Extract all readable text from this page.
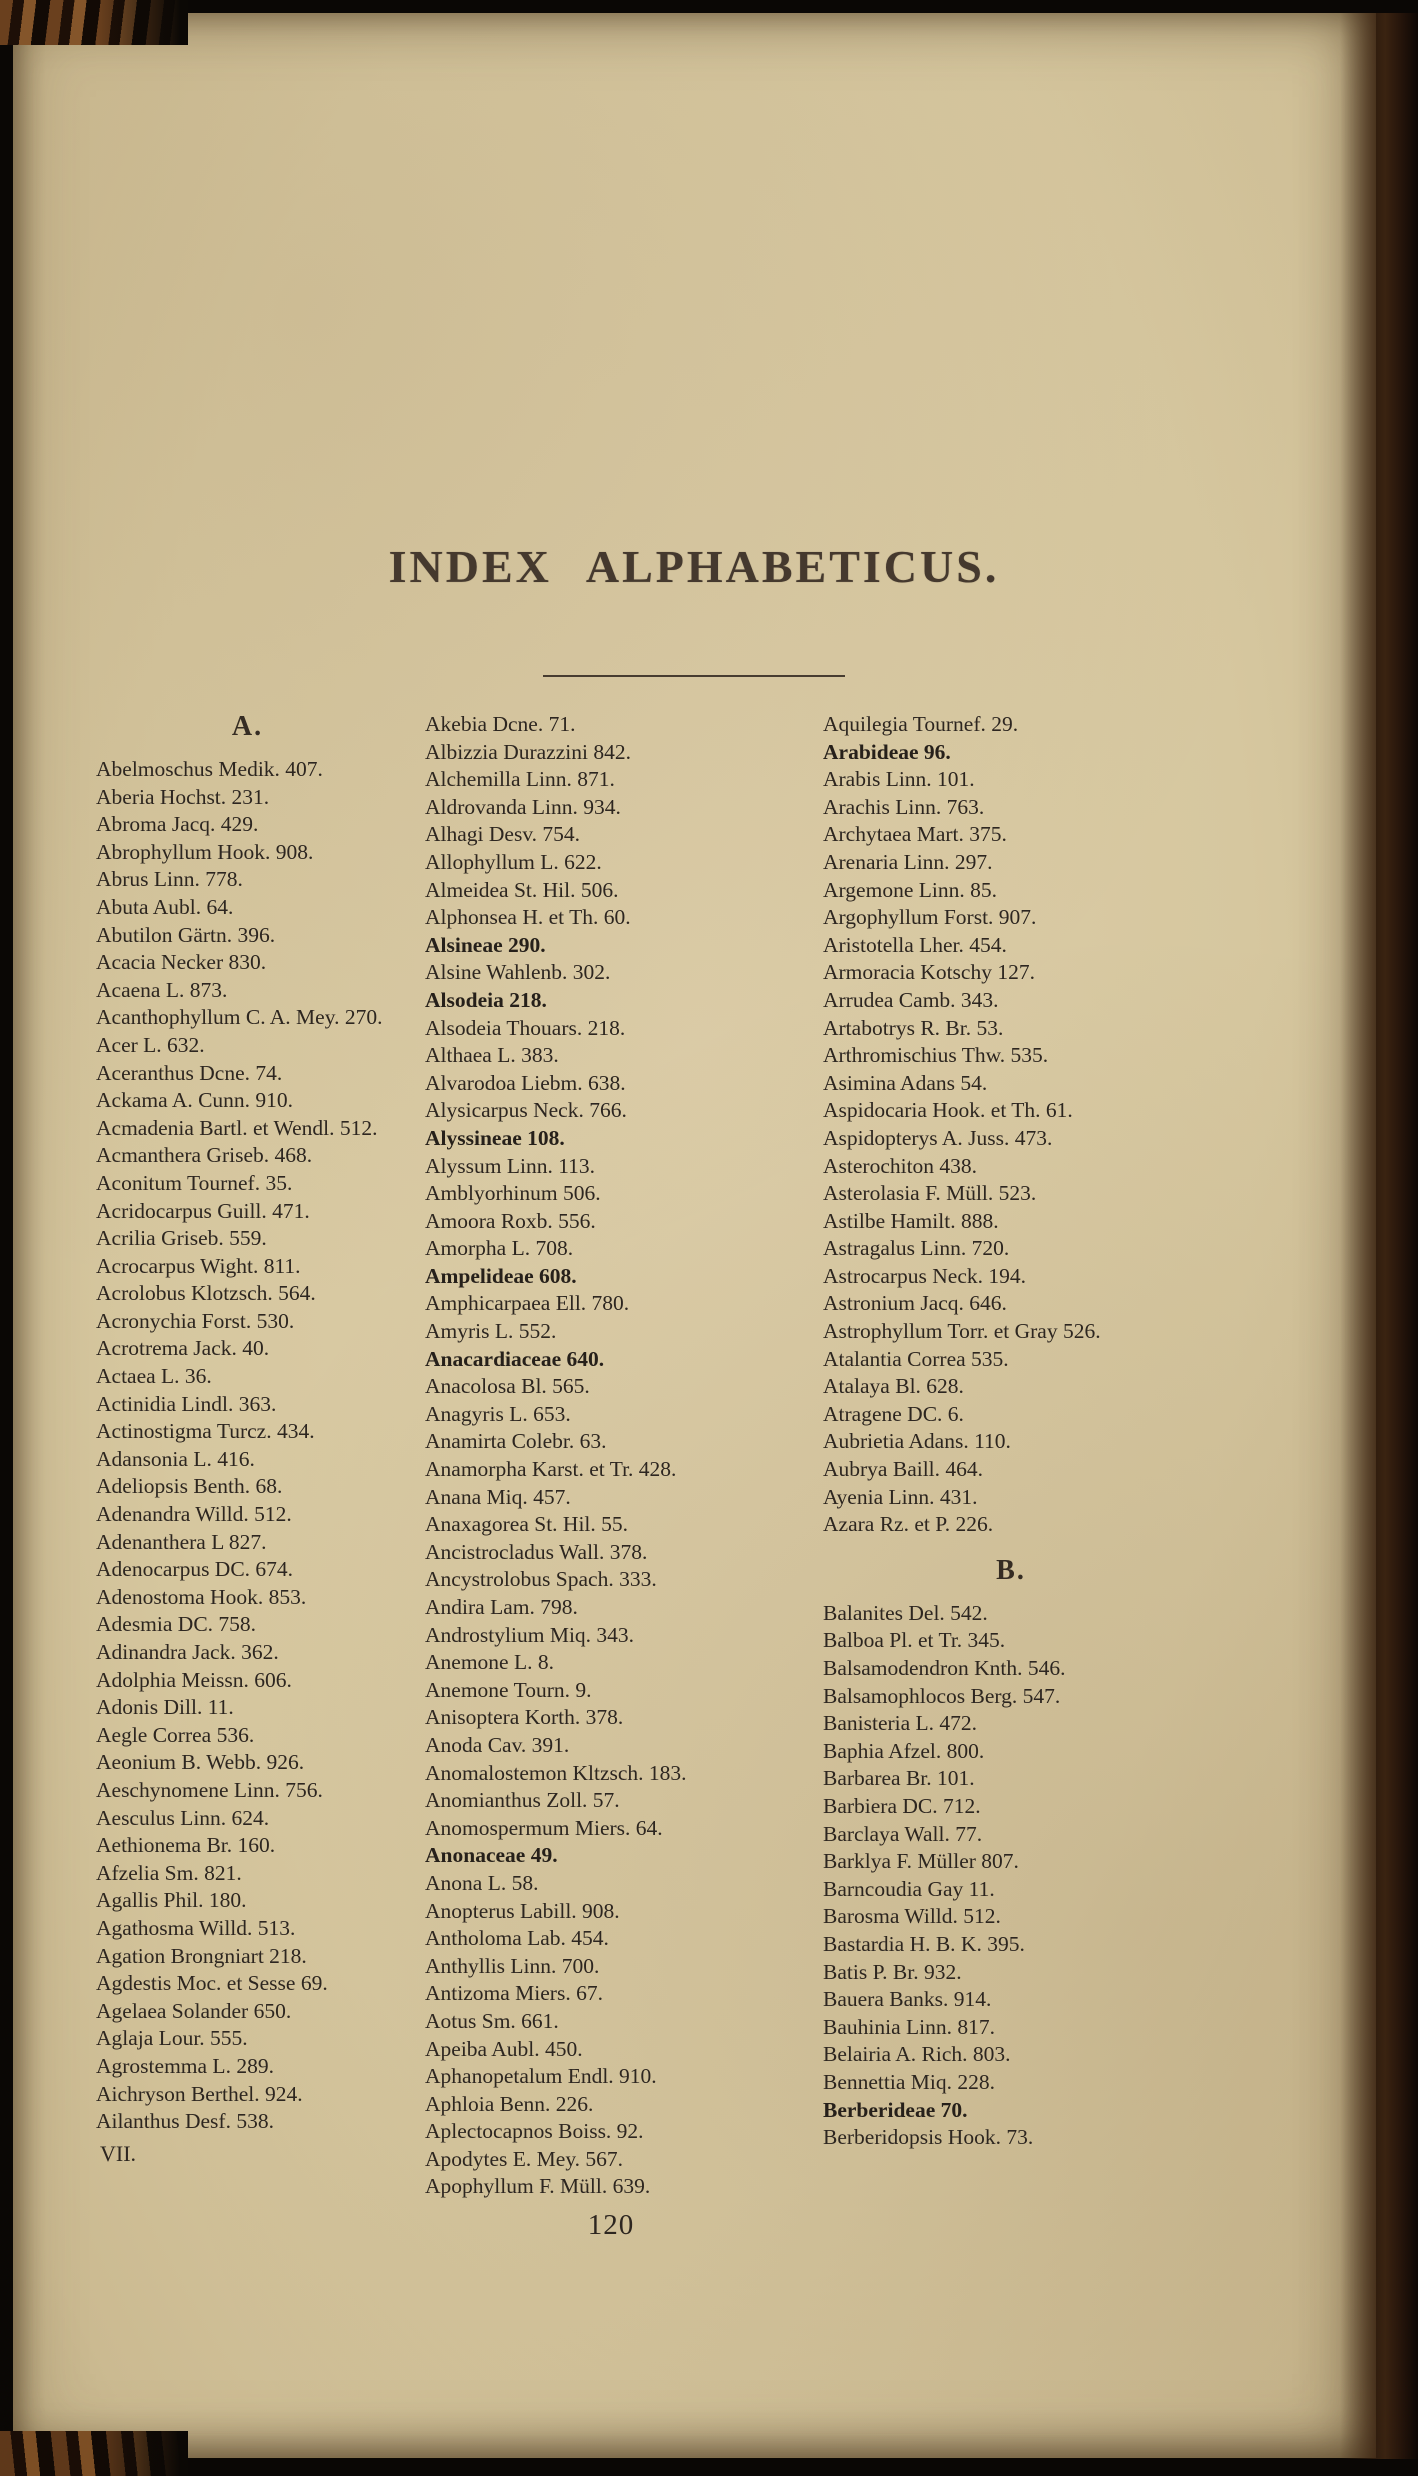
INDEX ALPHABETICUS.
A.
Abelmoschus Medik. 407.
Aberia Hochst. 231.
Abroma Jacq. 429.
Abrophyllum Hook. 908.
Abrus Linn. 778.
Abuta Aubl. 64.
Abutilon Gärtn. 396.
Acacia Necker 830.
Acaena L. 873.
Acanthophyllum C. A. Mey. 270.
Acer L. 632.
Aceranthus Dcne. 74.
Ackama A. Cunn. 910.
Acmadenia Bartl. et Wendl. 512.
Acmanthera Griseb. 468.
Aconitum Tournef. 35.
Acridocarpus Guill. 471.
Acrilia Griseb. 559.
Acrocarpus Wight. 811.
Acrolobus Klotzsch. 564.
Acronychia Forst. 530.
Acrotrema Jack. 40.
Actaea L. 36.
Actinidia Lindl. 363.
Actinostigma Turcz. 434.
Adansonia L. 416.
Adeliopsis Benth. 68.
Adenandra Willd. 512.
Adenanthera L 827.
Adenocarpus DC. 674.
Adenostoma Hook. 853.
Adesmia DC. 758.
Adinandra Jack. 362.
Adolphia Meissn. 606.
Adonis Dill. 11.
Aegle Correa 536.
Aeonium B. Webb. 926.
Aeschynomene Linn. 756.
Aesculus Linn. 624.
Aethionema Br. 160.
Afzelia Sm. 821.
Agallis Phil. 180.
Agathosma Willd. 513.
Agation Brongniart 218.
Agdestis Moc. et Sesse 69.
Agelaea Solander 650.
Aglaja Lour. 555.
Agrostemma L. 289.
Aichryson Berthel. 924.
Ailanthus Desf. 538.
VII.
Akebia Dcne. 71.
Albizzia Durazzini 842.
Alchemilla Linn. 871.
Aldrovanda Linn. 934.
Alhagi Desv. 754.
Allophyllum L. 622.
Almeidea St. Hil. 506.
Alphonsea H. et Th. 60.
Alsineae 290.
Alsine Wahlenb. 302.
Alsodeia 218.
Alsodeia Thouars. 218.
Althaea L. 383.
Alvarodoa Liebm. 638.
Alysicarpus Neck. 766.
Alyssineae 108.
Alyssum Linn. 113.
Amblyorhinum 506.
Amoora Roxb. 556.
Amorpha L. 708.
Ampelideae 608.
Amphicarpaea Ell. 780.
Amyris L. 552.
Anacardiaceae 640.
Anacolosa Bl. 565.
Anagyris L. 653.
Anamirta Colebr. 63.
Anamorpha Karst. et Tr. 428.
Anana Miq. 457.
Anaxagorea St. Hil. 55.
Ancistrocladus Wall. 378.
Ancystrolobus Spach. 333.
Andira Lam. 798.
Androstylium Miq. 343.
Anemone L. 8.
Anemone Tourn. 9.
Anisoptera Korth. 378.
Anoda Cav. 391.
Anomalostemon Kltzsch. 183.
Anomianthus Zoll. 57.
Anomospermum Miers. 64.
Anonaceae 49.
Anona L. 58.
Anopterus Labill. 908.
Antholoma Lab. 454.
Anthyllis Linn. 700.
Antizoma Miers. 67.
Aotus Sm. 661.
Apeiba Aubl. 450.
Aphanopetalum Endl. 910.
Aphloia Benn. 226.
Aplectocapnos Boiss. 92.
Apodytes E. Mey. 567.
Apophyllum F. Müll. 639.
120
Aquilegia Tournef. 29.
Arabideae 96.
Arabis Linn. 101.
Arachis Linn. 763.
Archytaea Mart. 375.
Arenaria Linn. 297.
Argemone Linn. 85.
Argophyllum Forst. 907.
Aristotella Lher. 454.
Armoracia Kotschy 127.
Arrudea Camb. 343.
Artabotrys R. Br. 53.
Arthromischius Thw. 535.
Asimina Adans 54.
Aspidocaria Hook. et Th. 61.
Aspidopterys A. Juss. 473.
Asterochiton 438.
Asterolasia F. Müll. 523.
Astilbe Hamilt. 888.
Astragalus Linn. 720.
Astrocarpus Neck. 194.
Astronium Jacq. 646.
Astrophyllum Torr. et Gray 526.
Atalantia Correa 535.
Atalaya Bl. 628.
Atragene DC. 6.
Aubrietia Adans. 110.
Aubrya Baill. 464.
Ayenia Linn. 431.
Azara Rz. et P. 226.
B.
Balanites Del. 542.
Balboa Pl. et Tr. 345.
Balsamodendron Knth. 546.
Balsamophlocos Berg. 547.
Banisteria L. 472.
Baphia Afzel. 800.
Barbarea Br. 101.
Barbiera DC. 712.
Barclaya Wall. 77.
Barklya F. Müller 807.
Barncoudia Gay 11.
Barosma Willd. 512.
Bastardia H. B. K. 395.
Batis P. Br. 932.
Bauera Banks. 914.
Bauhinia Linn. 817.
Belairia A. Rich. 803.
Bennettia Miq. 228.
Berberideae 70.
Berberidopsis Hook. 73.
